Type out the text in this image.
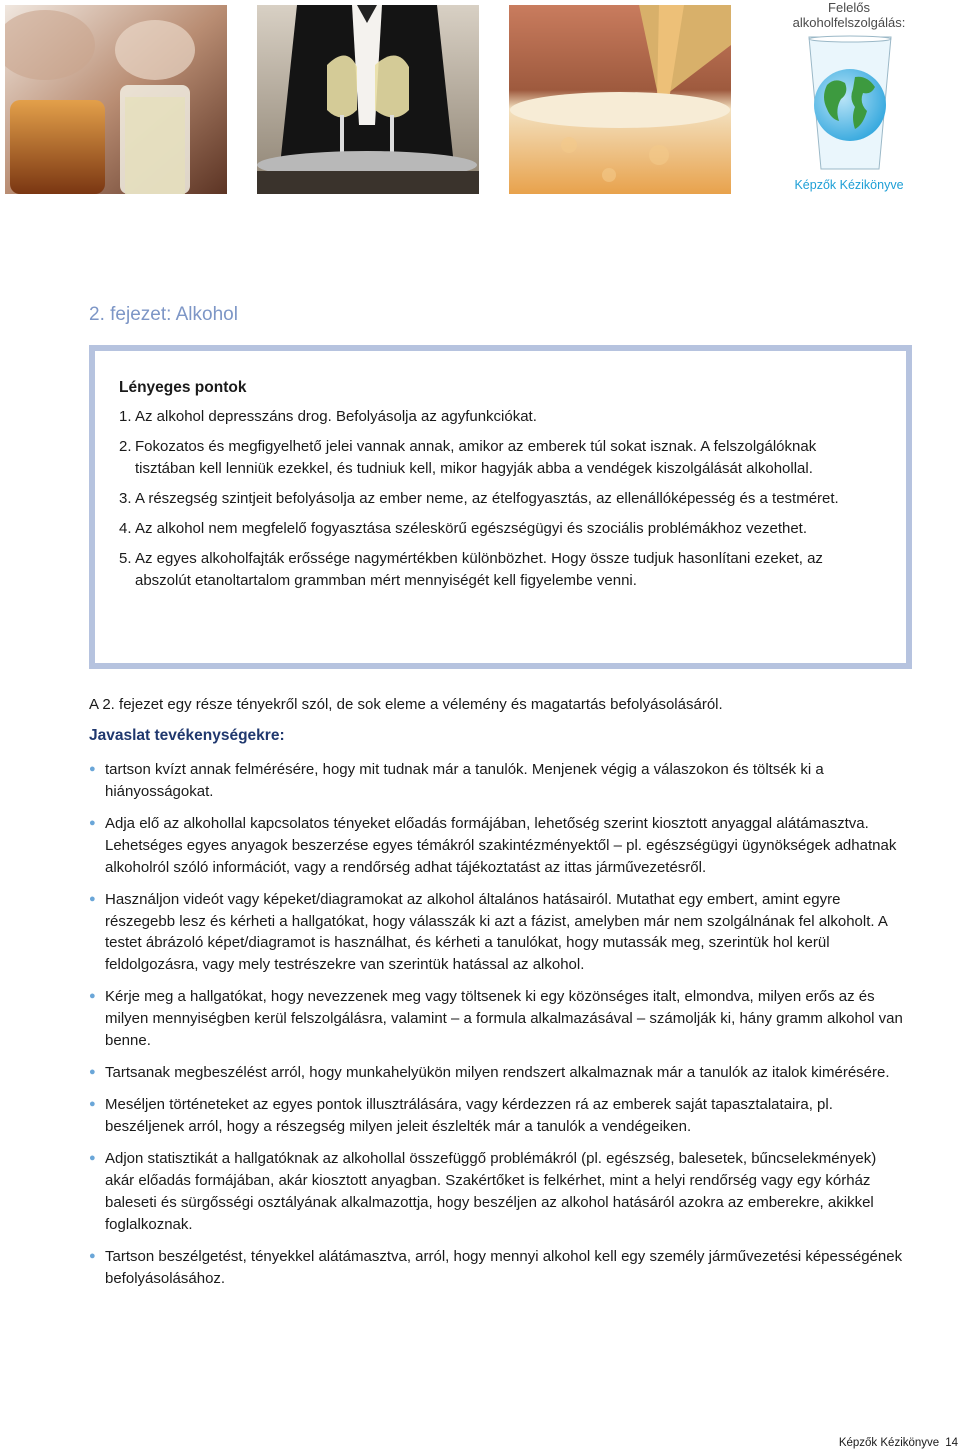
Felelős alkoholfelszolgálás:
Képzők Kézikönyve
2. fejezet: Alkohol
Lényeges pontok
1. Az alkohol depresszáns drog. Befolyásolja az agyfunkciókat.
2. Fokozatos és megfigyelhető jelei vannak annak, amikor az emberek túl sokat isznak. A felszolgálóknak tisztában kell lenniük ezekkel, és tudniuk kell, mikor hagyják abba a vendégek kiszolgálását alkohollal.
3. A részegség szintjeit befolyásolja az ember neme, az ételfogyasztás, az ellenállóképesség és a testméret.
4. Az alkohol nem megfelelő fogyasztása széleskörű egészségügyi és szociális problémákhoz vezethet.
5. Az egyes alkoholfajták erőssége nagymértékben különbözhet. Hogy össze tudjuk hasonlítani ezeket, az abszolút etanoltartalom grammban mért mennyiségét kell figyelembe venni.

A 2. fejezet egy része tényekről szól, de sok eleme a vélemény és magatartás befolyásolásáról.

Javaslat tevékenységekre:
● tartson kvízt annak felmérésére, hogy mit tudnak már a tanulók. Menjenek végig a válaszokon és töltsék ki a hiányosságokat.
● Adja elő az alkohollal kapcsolatos tényeket előadás formájában, lehetőség szerint kiosztott anyaggal alátámasztva. Lehetséges egyes anyagok beszerzése egyes témákról szakintézményektől – pl. egészségügyi ügynökségek adhatnak alkoholról szóló információt, vagy a rendőrség adhat tájékoztatást az ittas járművezetésről.
● Használjon videót vagy képeket/diagramokat az alkohol általános hatásairól. Mutathat egy embert, amint egyre részegebb lesz és kérheti a hallgatókat, hogy válasszák ki azt a fázist, amelyben már nem szolgálnának fel alkoholt. A testet ábrázoló képet/diagramot is használhat, és kérheti a tanulókat, hogy mutassák meg, szerintük hol kerül feldolgozásra, vagy mely testrészekre van szerintük hatással az alkohol.
● Kérje meg a hallgatókat, hogy nevezzenek meg vagy töltsenek ki egy közönséges italt, elmondva, milyen erős az és milyen mennyiségben kerül felszolgálásra, valamint – a formula alkalmazásával – számolják ki, hány gramm alkohol van benne.
● Tartsanak megbeszélést arról, hogy munkahelyükön milyen rendszert alkalmaznak már a tanulók az italok kimérésére.
● Meséljen történeteket az egyes pontok illusztrálására, vagy kérdezzen rá az emberek saját tapasztalataira, pl. beszéljenek arról, hogy a részegség milyen jeleit észlelték már a tanulók a vendégeiken.
● Adjon statisztikát a hallgatóknak az alkohollal összefüggő problémákról (pl. egészség, balesetek, bűncselekmények) akár előadás formájában, akár kiosztott anyagban. Szakértőket is felkérhet, mint a helyi rendőrség vagy egy kórház baleseti és sürgősségi osztályának alkalmazottja, hogy beszéljen az alkohol hatásáról azokra az emberekre, akikkel foglalkoznak.
● Tartson beszélgetést, tényekkel alátámasztva, arról, hogy mennyi alkohol kell egy személy járművezetési képességének befolyásolásához.
Képzők Kézikönyve 14
